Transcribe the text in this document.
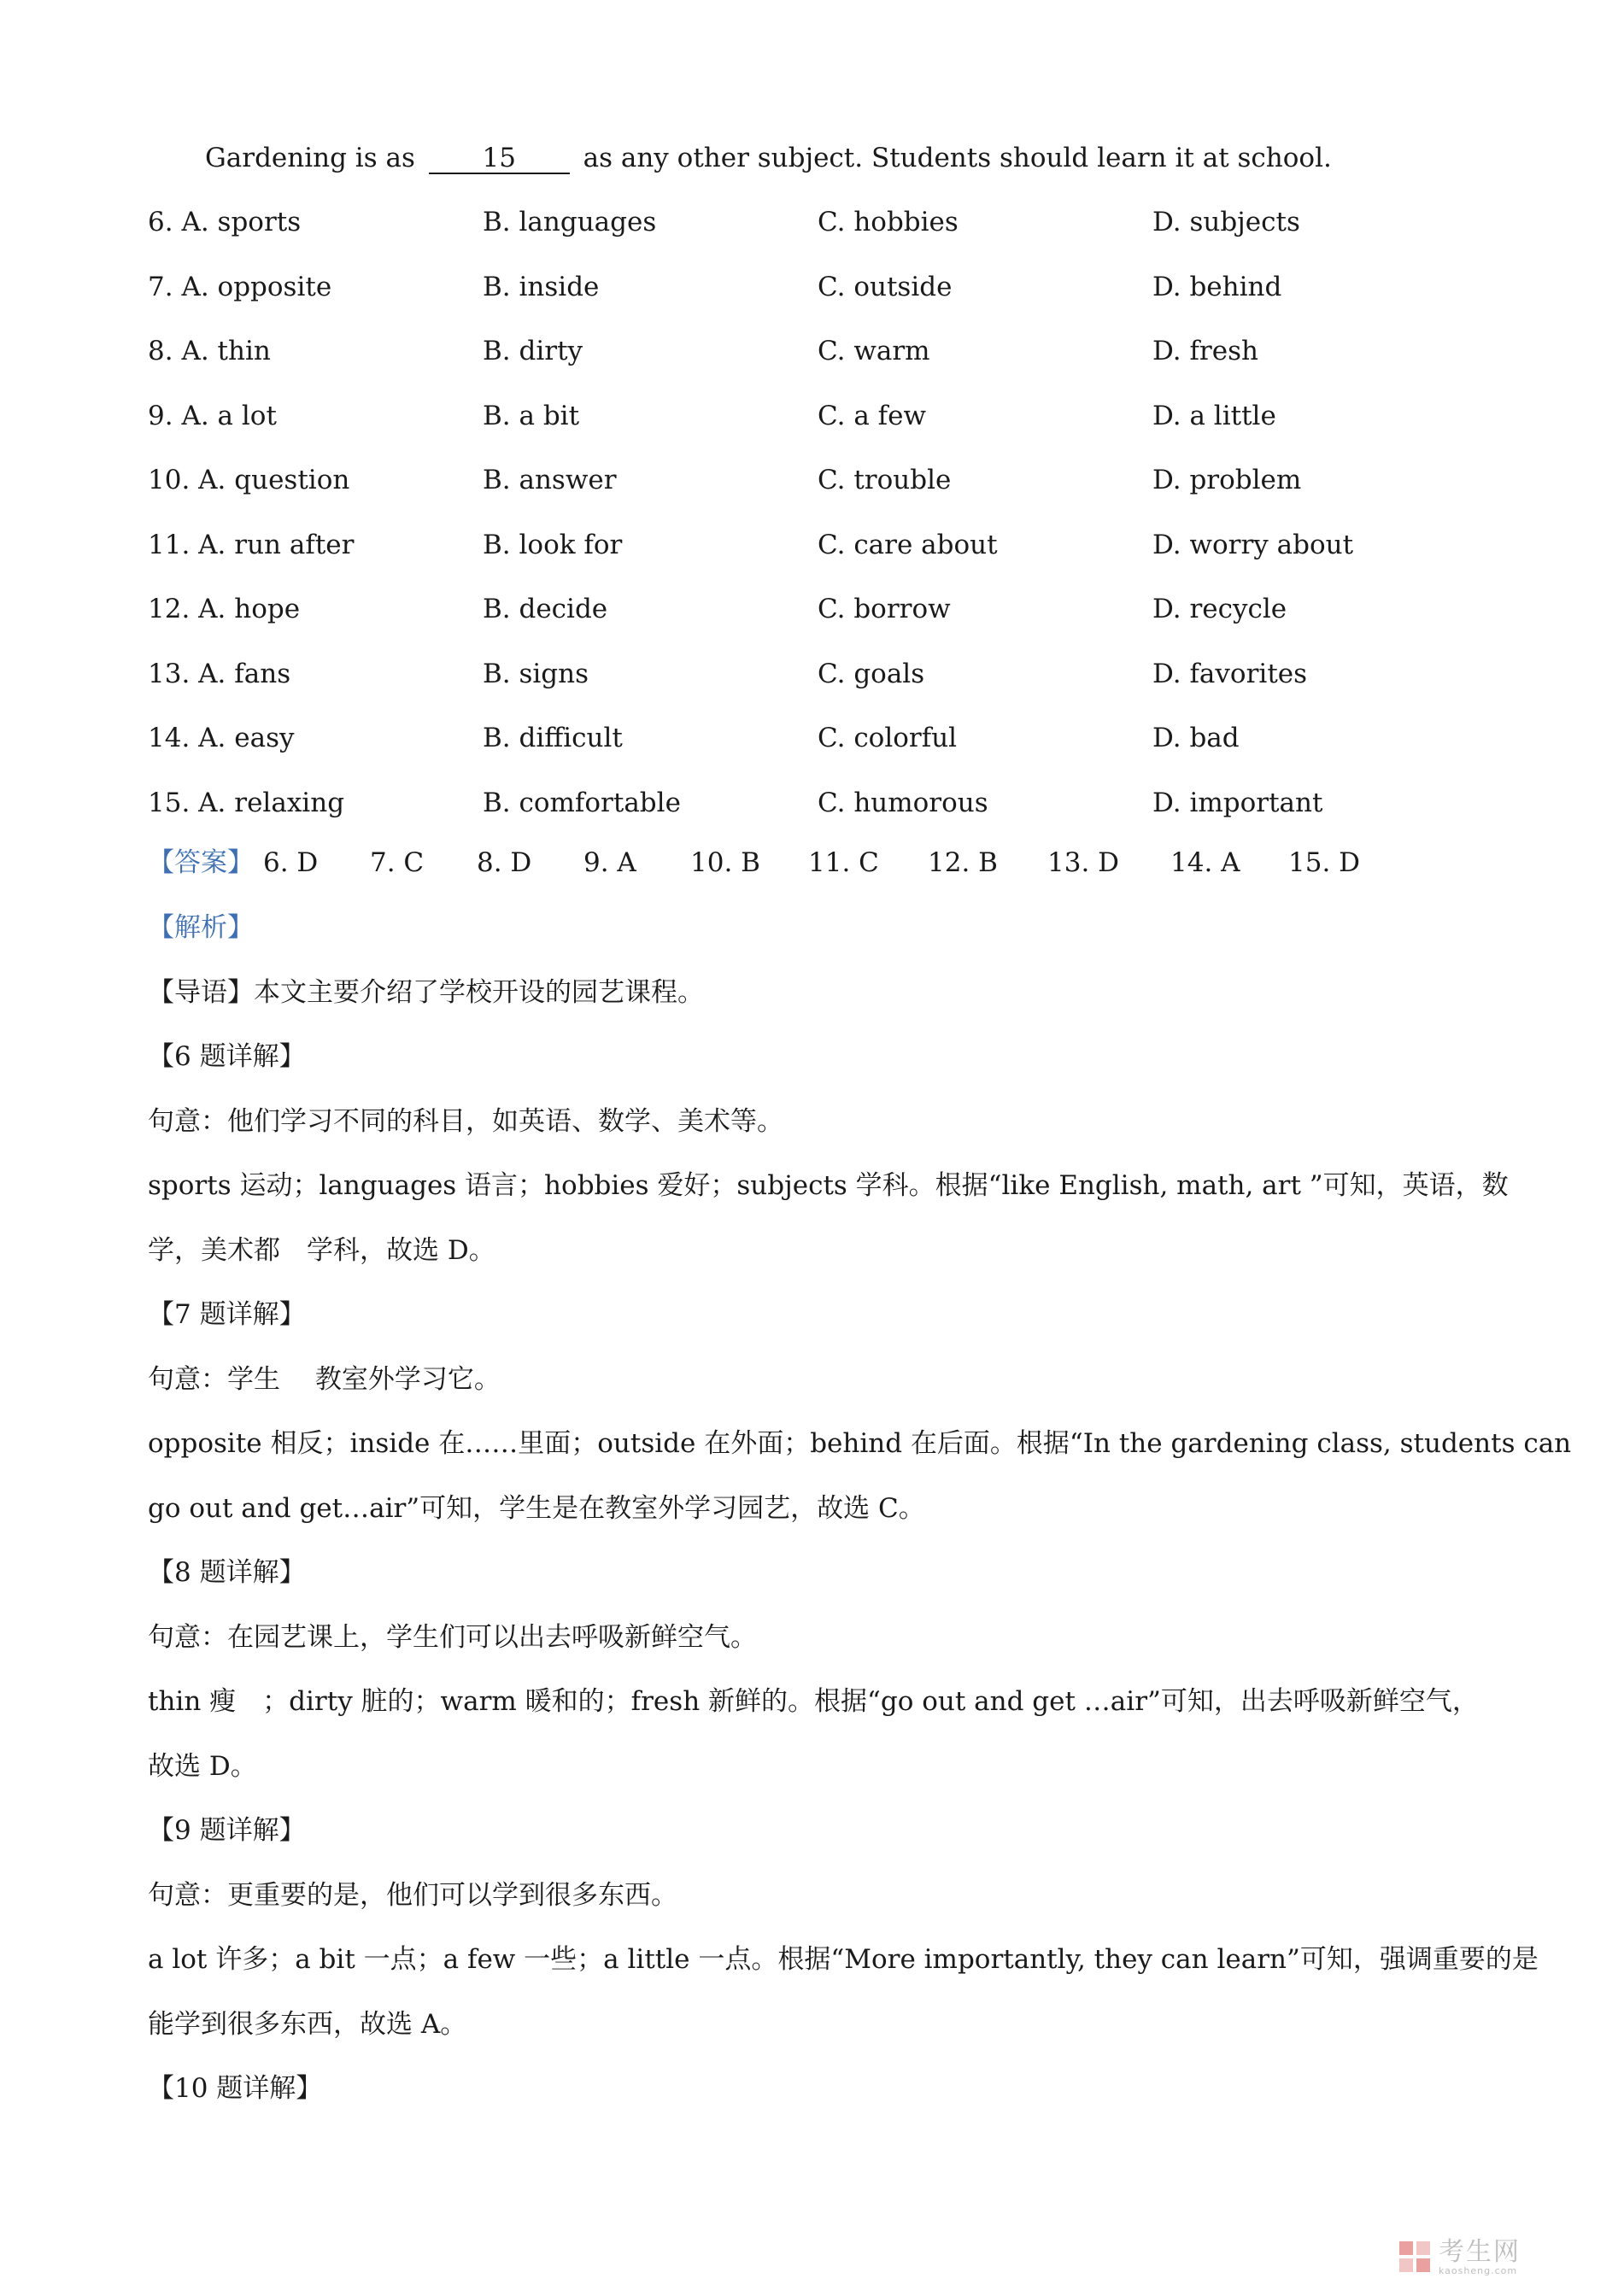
Gardening is as	15	as any other subject. Students should learn it at school.
6. A. sports	B. languages	C. hobbies	D. subjects
7. A. opposite	B. inside	C. outside	D. behind
8. A. thin	B. dirty	C. warm	D. fresh
9. A. a lot	B. a bit	C. a few	D. a little
10. A. question	B. answer	C. trouble	D. problem
11. A. run after	B. look for	C. care about	D. worry about
12. A. hope	B. decide	C. borrow	D. recycle
13. A. fans	B. signs	C. goals	D. favorites
14. A. easy	B. difficult	C. colorful	D. bad
15. A. relaxing	B. comfortable	C. humorous	D. important
【答案】 6. D 7. C 8. D 9. A 10. B 11. C 12. B 13. D 14. A 15. D
【解析】
【导语】本文主要介绍了学校开设的园艺课程。
【6 题详解】
句意：他们学习不同的科目，如英语、数学、美术等。
sports 运动；languages 语言；hobbies 爱好；subjects 学科。根据“like English, math, art ”可知，英语，数
学，美术都　学科，故选 D。
【7 题详解】
句意：学生　 教室外学习它。
opposite 相反；inside 在……里面；outside 在外面；behind 在后面。根据“In the gardening class, students can
go out and get…air”可知，学生是在教室外学习园艺，故选 C。
【8 题详解】
句意：在园艺课上，学生们可以出去呼吸新鲜空气。
thin 瘦　；dirty 脏的；warm 暖和的；fresh 新鲜的。根据“go out and get …air”可知，出去呼吸新鲜空气，
故选 D。
【9 题详解】
句意：更重要的是，他们可以学到很多东西。
a lot 许多；a bit 一点；a few 一些；a little 一点。根据“More importantly, they can learn”可知，强调重要的是
能学到很多东西，故选 A。
【10 题详解】
考生网
kaosheng.com
